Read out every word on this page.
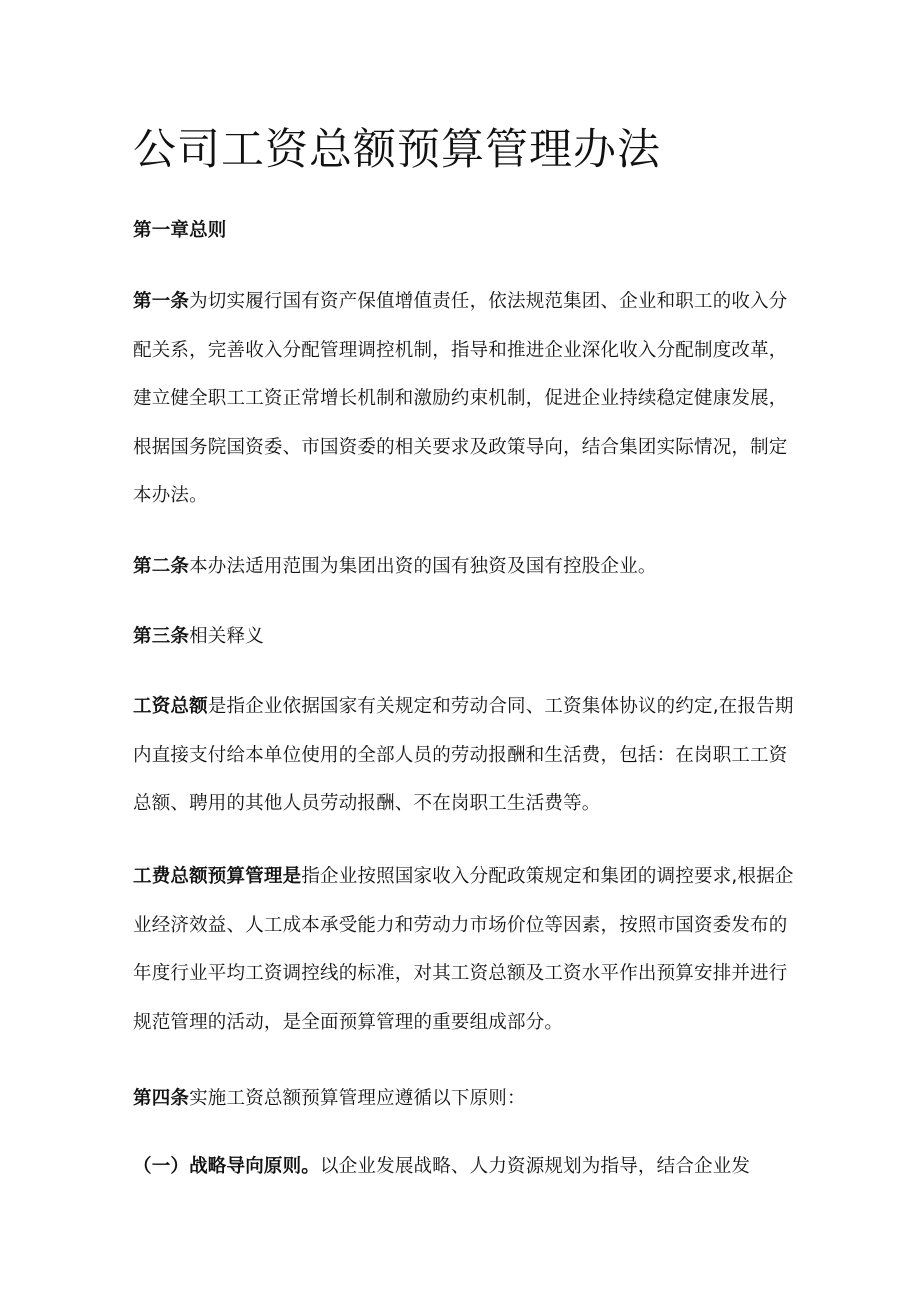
公司工资总额预算管理办法

第一章总则

第一条为切实履行国有资产保值增值责任，依法规范集团、企业和职工的收入分配关系，完善收入分配管理调控机制，指导和推进企业深化收入分配制度改革，建立健全职工工资正常增长机制和激励约束机制，促进企业持续稳定健康发展，根据国务院国资委、市国资委的相关要求及政策导向，结合集团实际情况，制定本办法。

第二条本办法适用范围为集团出资的国有独资及国有控股企业。

第三条相关释义

工资总额是指企业依据国家有关规定和劳动合同、工资集体协议的约定,在报告期内直接支付给本单位使用的全部人员的劳动报酬和生活费，包括：在岗职工工资总额、聘用的其他人员劳动报酬、不在岗职工生活费等。

工费总额预算管理是指企业按照国家收入分配政策规定和集团的调控要求,根据企业经济效益、人工成本承受能力和劳动力市场价位等因素，按照市国资委发布的年度行业平均工资调控线的标准，对其工资总额及工资水平作出预算安排并进行规范管理的活动，是全面预算管理的重要组成部分。

第四条实施工资总额预算管理应遵循以下原则：

（一）战略导向原则。以企业发展战略、人力资源规划为指导，结合企业发
